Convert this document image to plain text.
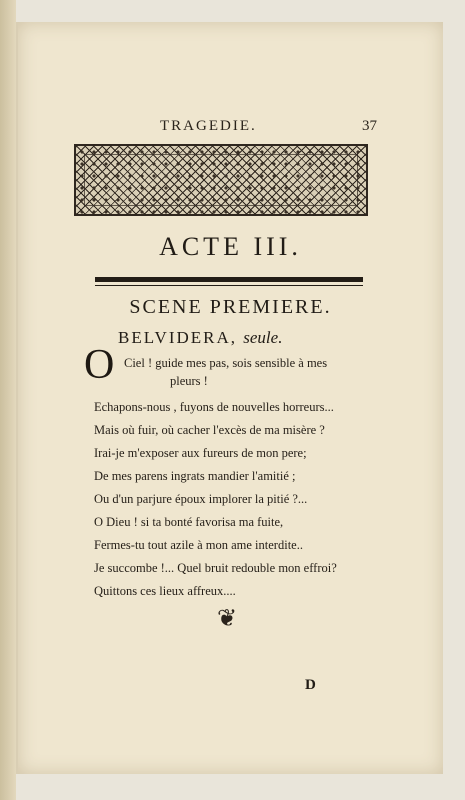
TRAGEDIE.	37
ACTE III.
SCENE PREMIERE.
BELVIDERA, seule.
O Ciel ! guide mes pas, sois sensible à mes
pleurs !
Echapons-nous , fuyons de nouvelles horreurs...
Mais où fuir, où cacher l'excès de ma misère ?
Irai-je m'exposer aux fureurs de mon pere;
De mes parens ingrats mandier l'amitié ;
Ou d'un parjure époux implorer la pitié ?...
O Dieu ! si ta bonté favorisa ma fuite,
Fermes-tu tout azile à mon ame interdite..
Je succombe !... Quel bruit redouble mon effroi?
Quittons ces lieux affreux....
❦
D
